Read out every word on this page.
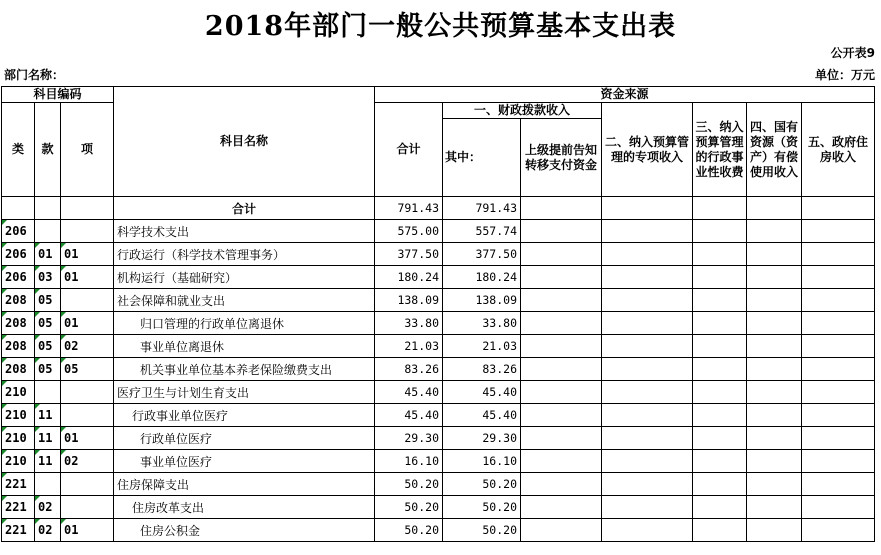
2018年部门一般公共预算基本支出表
公开表9
部门名称：	单位：万元
科目编码			科目名称	资金来源						
类	款	项		合计	一、财政拨款收入		二、纳入预算管理的专项收入	三、纳入预算管理的行政事业性收费	四、国有资源（资产）有偿使用收入	五、政府住房收入
					其中：	上级提前告知转移支付资金				
			合计	791.43	791.43					
206			科学技术支出	575.00	557.74					
206	01	01	行政运行（科学技术管理事务）	377.50	377.50					
206	03	01	机构运行（基础研究）	180.24	180.24					
208	05		社会保障和就业支出	138.09	138.09					
208	05	01	归口管理的行政单位离退休	33.80	33.80					
208	05	02	事业单位离退休	21.03	21.03					
208	05	05	机关事业单位基本养老保险缴费支出	83.26	83.26					
210			医疗卫生与计划生育支出	45.40	45.40					
210	11		行政事业单位医疗	45.40	45.40					
210	11	01	行政单位医疗	29.30	29.30					
210	11	02	事业单位医疗	16.10	16.10					
221			住房保障支出	50.20	50.20					
221	02		住房改革支出	50.20	50.20					
221	02	01	住房公积金	50.20	50.20					
